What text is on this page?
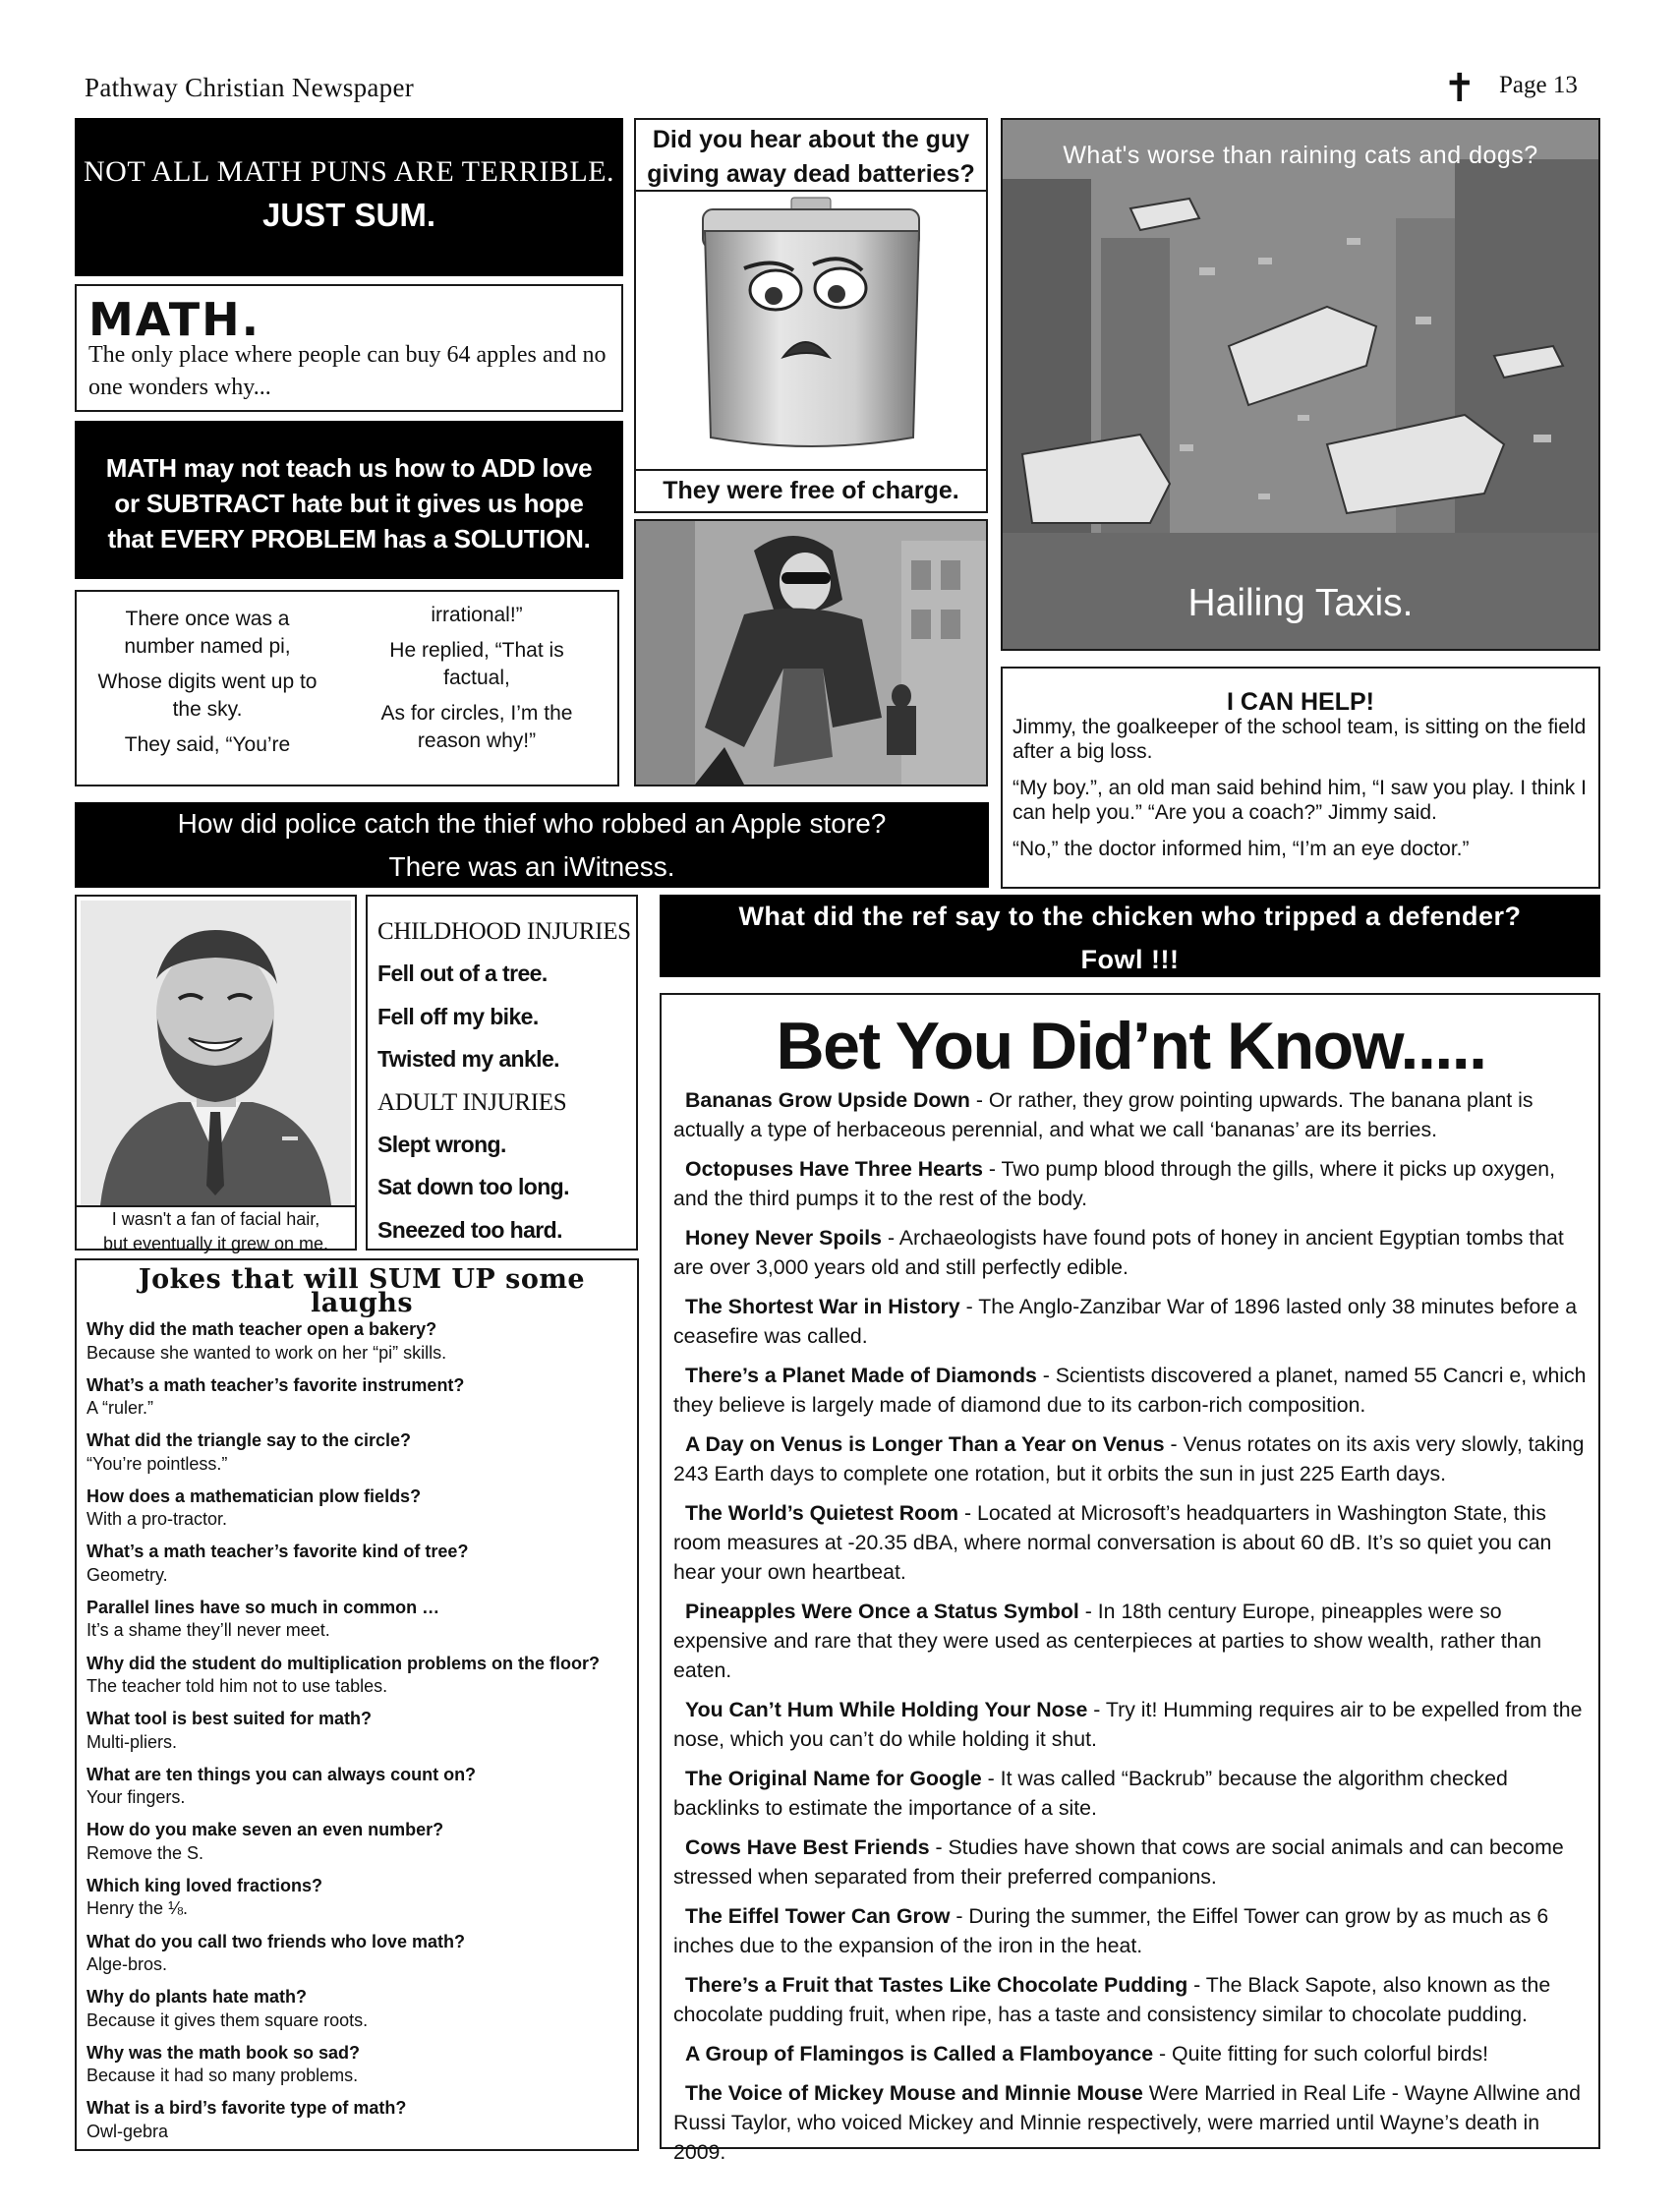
Pathway Christian Newspaper	✝ Page 13
NOT ALL MATH PUNS ARE TERRIBLE.
JUST SUM.
MATH.
The only place where people can buy 64 apples and no one wonders why...
MATH may not teach us how to ADD love or SUBTRACT hate but it gives us hope that EVERY PROBLEM has a SOLUTION.

There once was a number named pi,

Whose digits went up to the sky.

They said, “You’re

irrational!”

He replied, “That is factual,

As for circles, I’m the reason why!”

Did you hear about the guy giving away dead batteries?
They were free of charge.
What's worse than raining cats and dogs?
Hailing Taxis.
I CAN HELP!

Jimmy, the goalkeeper of the school team, is sitting on the field after a big loss.

“My boy.”, an old man said behind him, “I saw you play. I think I can help you.” “Are you a coach?” Jimmy said.

“No,” the doctor informed him, “I’m an eye doctor.”

How did police catch the thief who robbed an Apple store?
There was an iWitness.
I wasn't a fan of facial hair,
but eventually it grew on me.
CHILDHOOD INJURIES
Fell out of a tree.
Fell off my bike.
Twisted my ankle.
ADULT INJURIES
Slept wrong.
Sat down too long.
Sneezed too hard.
What did the ref say to the chicken who tripped a defender?
Fowl !!!
Jokes that will SUM UP some laughs
Why did the math teacher open a bakery?
Because she wanted to work on her “pi” skills.
What’s a math teacher’s favorite instrument?
A “ruler.”
What did the triangle say to the circle?
“You’re pointless.”
How does a mathematician plow fields?
With a pro-tractor.
What’s a math teacher’s favorite kind of tree?
Geometry.
Parallel lines have so much in common …
It’s a shame they’ll never meet.
Why did the student do multiplication problems on the floor?
The teacher told him not to use tables.
What tool is best suited for math?
Multi-pliers.
What are ten things you can always count on?
Your fingers.
How do you make seven an even number?
Remove the S.
Which king loved fractions?
Henry the ⅛.
What do you call two friends who love math?
Alge-bros.
Why do plants hate math?
Because it gives them square roots.
Why was the math book so sad?
Because it had so many problems.
What is a bird’s favorite type of math?
Owl-gebra
Bet You Did’nt Know.....
Bananas Grow Upside Down - Or rather, they grow pointing upwards. The banana plant is actually a type of herbaceous perennial, and what we call ‘bananas’ are its berries.
Octopuses Have Three Hearts - Two pump blood through the gills, where it picks up oxygen, and the third pumps it to the rest of the body.
Honey Never Spoils - Archaeologists have found pots of honey in ancient Egyptian tombs that are over 3,000 years old and still perfectly edible.
The Shortest War in History - The Anglo-Zanzibar War of 1896 lasted only 38 minutes before a ceasefire was called.
There’s a Planet Made of Diamonds - Scientists discovered a planet, named 55 Cancri e, which they believe is largely made of diamond due to its carbon-rich composition.
A Day on Venus is Longer Than a Year on Venus - Venus rotates on its axis very slowly, taking 243 Earth days to complete one rotation, but it orbits the sun in just 225 Earth days.
The World’s Quietest Room - Located at Microsoft’s headquarters in Washington State, this room measures at -20.35 dBA, where normal conversation is about 60 dB. It’s so quiet you can hear your own heartbeat.
Pineapples Were Once a Status Symbol - In 18th century Europe, pineapples were so expensive and rare that they were used as centerpieces at parties to show wealth, rather than eaten.
You Can’t Hum While Holding Your Nose - Try it! Humming requires air to be expelled from the nose, which you can’t do while holding it shut.
The Original Name for Google - It was called “Backrub” because the algorithm checked backlinks to estimate the importance of a site.
Cows Have Best Friends - Studies have shown that cows are social animals and can become stressed when separated from their preferred companions.
The Eiffel Tower Can Grow - During the summer, the Eiffel Tower can grow by as much as 6 inches due to the expansion of the iron in the heat.
There’s a Fruit that Tastes Like Chocolate Pudding - The Black Sapote, also known as the chocolate pudding fruit, when ripe, has a taste and consistency similar to chocolate pudding.
A Group of Flamingos is Called a Flamboyance - Quite fitting for such colorful birds!
The Voice of Mickey Mouse and Minnie Mouse Were Married in Real Life - Wayne Allwine and Russi Taylor, who voiced Mickey and Minnie respectively, were married until Wayne’s death in 2009.
